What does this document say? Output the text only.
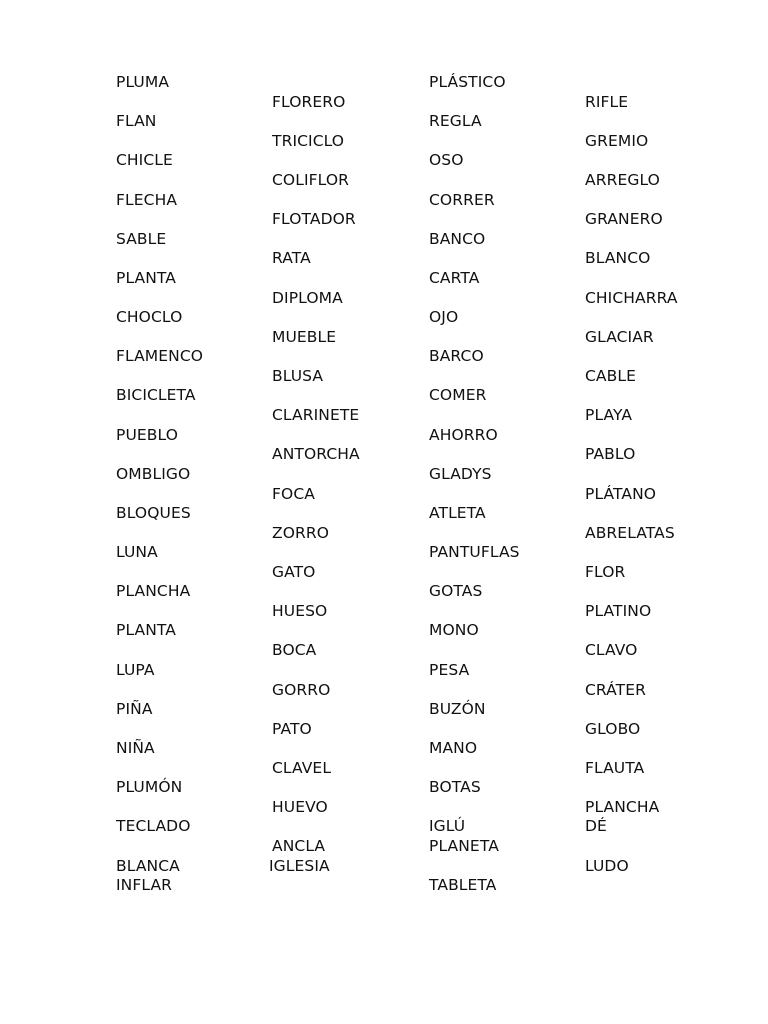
PLUMA
FLAN
CHICLE
FLECHA
SABLE
PLANTA
CHOCLO
FLAMENCO
BICICLETA
PUEBLO
OMBLIGO
BLOQUES
LUNA
PLANCHA
PLANTA
LUPA
PIÑA
NIÑA
PLUMÓN
TECLADO
BLANCA
INFLAR
FLORERO
TRICICLO
COLIFLOR
FLOTADOR
RATA
DIPLOMA
MUEBLE
BLUSA
CLARINETE
ANTORCHA
FOCA
ZORRO
GATO
HUESO
BOCA
GORRO
PATO
CLAVEL
HUEVO
ANCLA
IGLESIA
PLÁSTICO
REGLA
OSO
CORRER
BANCO
CARTA
OJO
BARCO
COMER
AHORRO
GLADYS
ATLETA
PANTUFLAS
GOTAS
MONO
PESA
BUZÓN
MANO
BOTAS
IGLÚ
PLANETA
TABLETA
RIFLE
GREMIO
ARREGLO
GRANERO
BLANCO
CHICHARRA
GLACIAR
CABLE
PLAYA
PABLO
PLÁTANO
ABRELATAS
FLOR
PLATINO
CLAVO
CRÁTER
GLOBO
FLAUTA
PLANCHA
DÉ
LUDO
